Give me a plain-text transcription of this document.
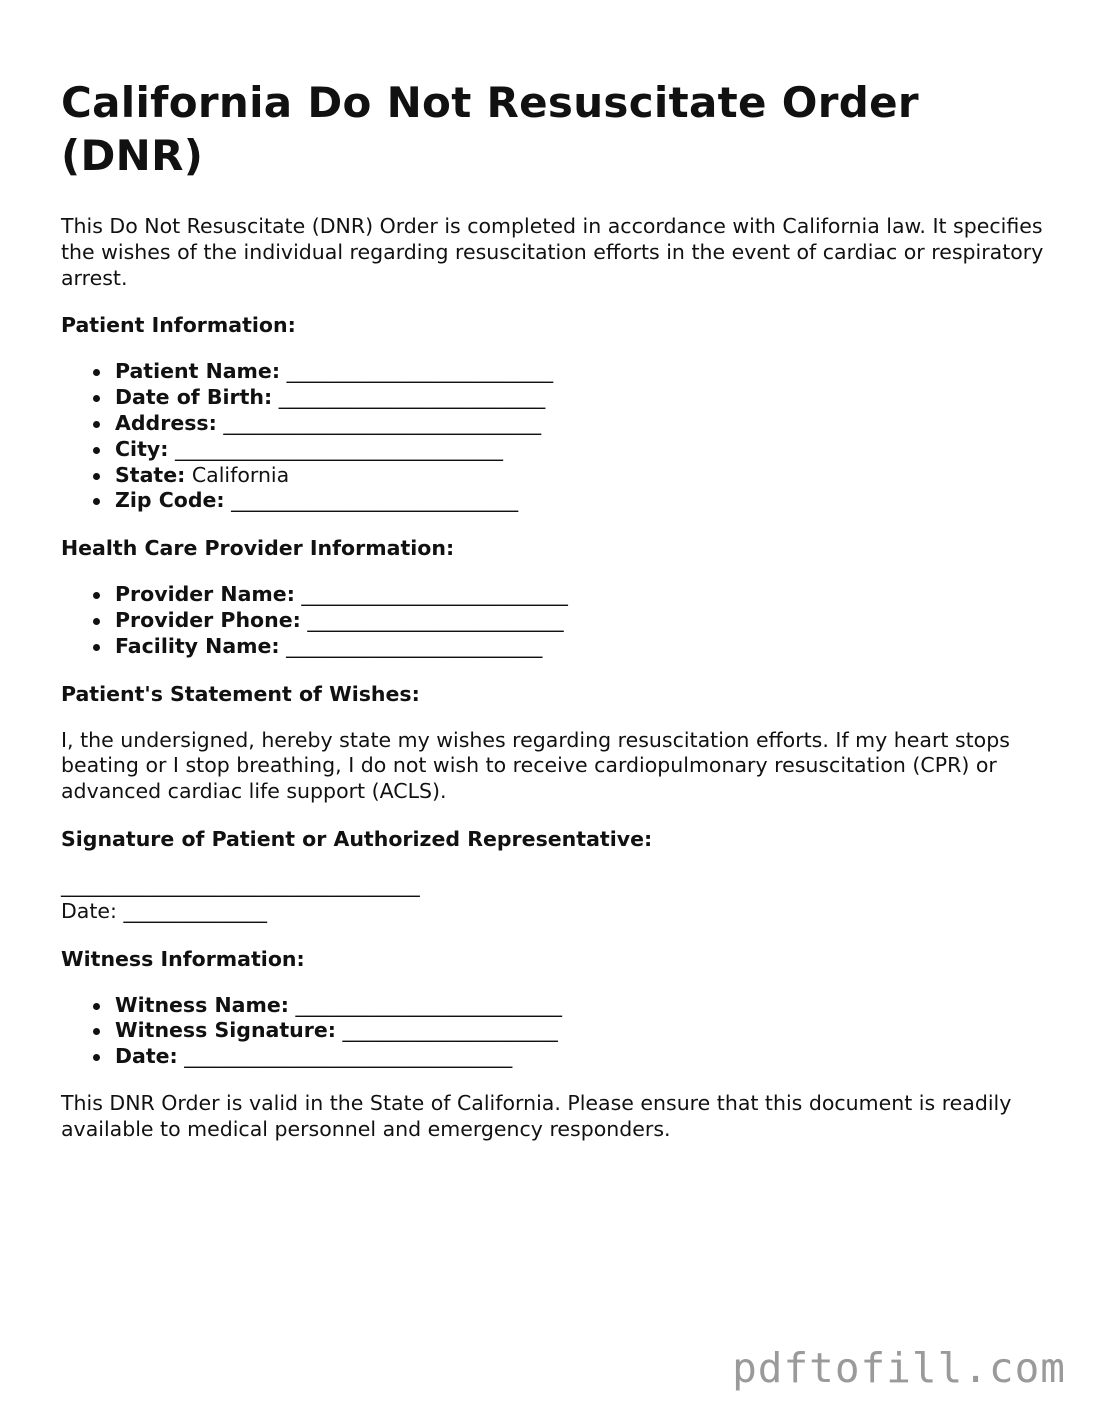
California Do Not Resuscitate Order (DNR)

This Do Not Resuscitate (DNR) Order is completed in accordance with California law. It specifies the wishes of the individual regarding resuscitation efforts in the event of cardiac or respiratory arrest.

Patient Information:
Patient Name: __________________________
Date of Birth: __________________________
Address: _______________________________
City: ________________________________
State: California
Zip Code: ____________________________
Health Care Provider Information:
Provider Name: __________________________
Provider Phone: _________________________
Facility Name: _________________________
Patient's Statement of Wishes:

I, the undersigned, hereby state my wishes regarding resuscitation efforts. If my heart stops beating or I stop breathing, I do not wish to receive cardiopulmonary resuscitation (CPR) or advanced cardiac life support (ACLS).

Signature of Patient or Authorized Representative:
___________________________________
Date: ______________
Witness Information:
Witness Name: __________________________
Witness Signature: _____________________
Date: ________________________________

This DNR Order is valid in the State of California. Please ensure that this document is readily available to medical personnel and emergency responders.

pdftofill.com
